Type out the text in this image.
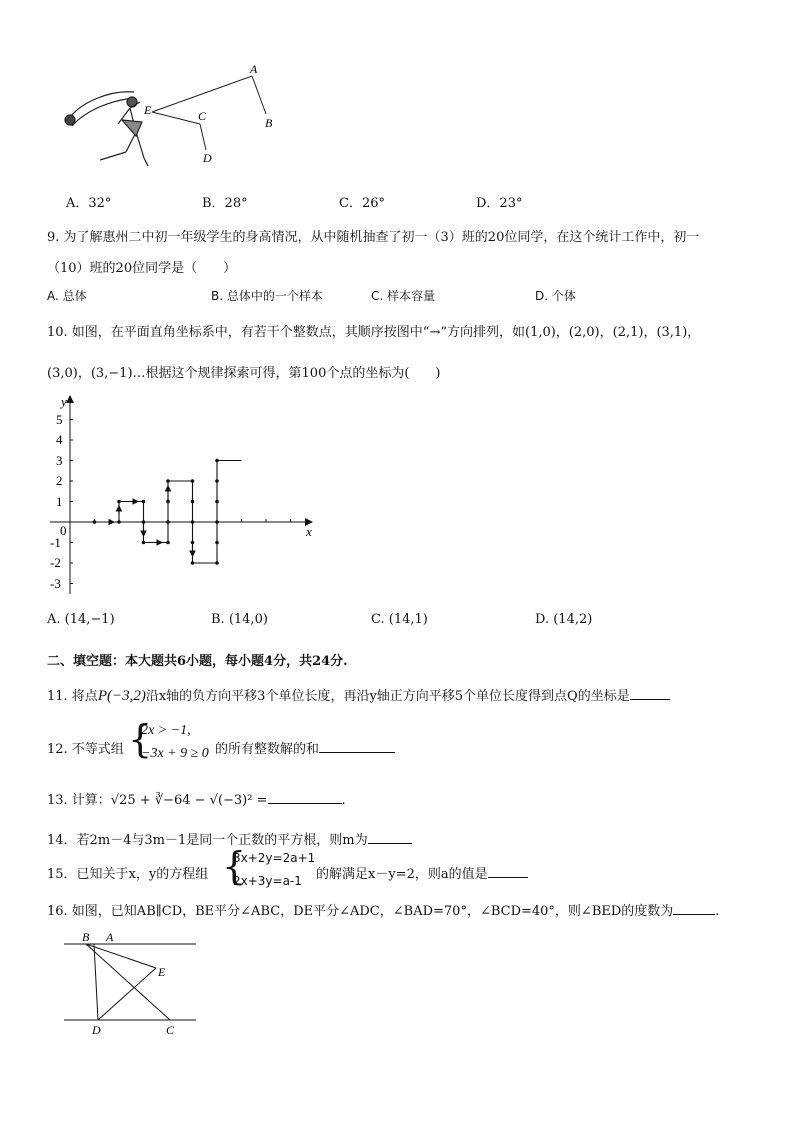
A
B
C
D
E
A．32°	B．28°	C．26°	D．23°
9. 为了解惠州二中初一年级学生的身高情况，从中随机抽查了初一（3）班的20位同学，在这个统计工作中，初一
（10）班的20位同学是（　　）
A. 总体	B. 总体中的一个样本	C. 样本容量	D. 个体
10. 如图，在平面直角坐标系中，有若干个整数点，其顺序按图中“→”方向排列，如(1,0)，(2,0)，(2,1)，(3,1)，
(3,0)，(3,−1)…根据这个规律探索可得，第100个点的坐标为(　　)
5
4
3
2
1
-1
-2
-3
0
y
x
A. (14,−1)	B. (14,0)	C. (14,1)	D. (14,2)
二、填空题：本大题共6小题，每小题4分，共24分.
11. 将点P(−3,2)沿x轴的负方向平移3个单位长度，再沿y轴正方向平移5个单位长度得到点Q的坐标是
12. 不等式组 {
2x > −1,
−3x + 9 ≥ 0 的所有整数解的和
13. 计算：√25 + ∛−64 − √(−3)² =	.
14．若2m－4与3m－1是同一个正数的平方根，则m为
15．已知关于x，y的方程组 {
3x+2y=2a+1
2x+3y=a-1 的解满足x－y=2，则a的值是
16. 如图，已知AB∥CD，BE平分∠ABC，DE平分∠ADC，∠BAD=70°，∠BCD=40°，则∠BED的度数为	.
B A
E
D	C
